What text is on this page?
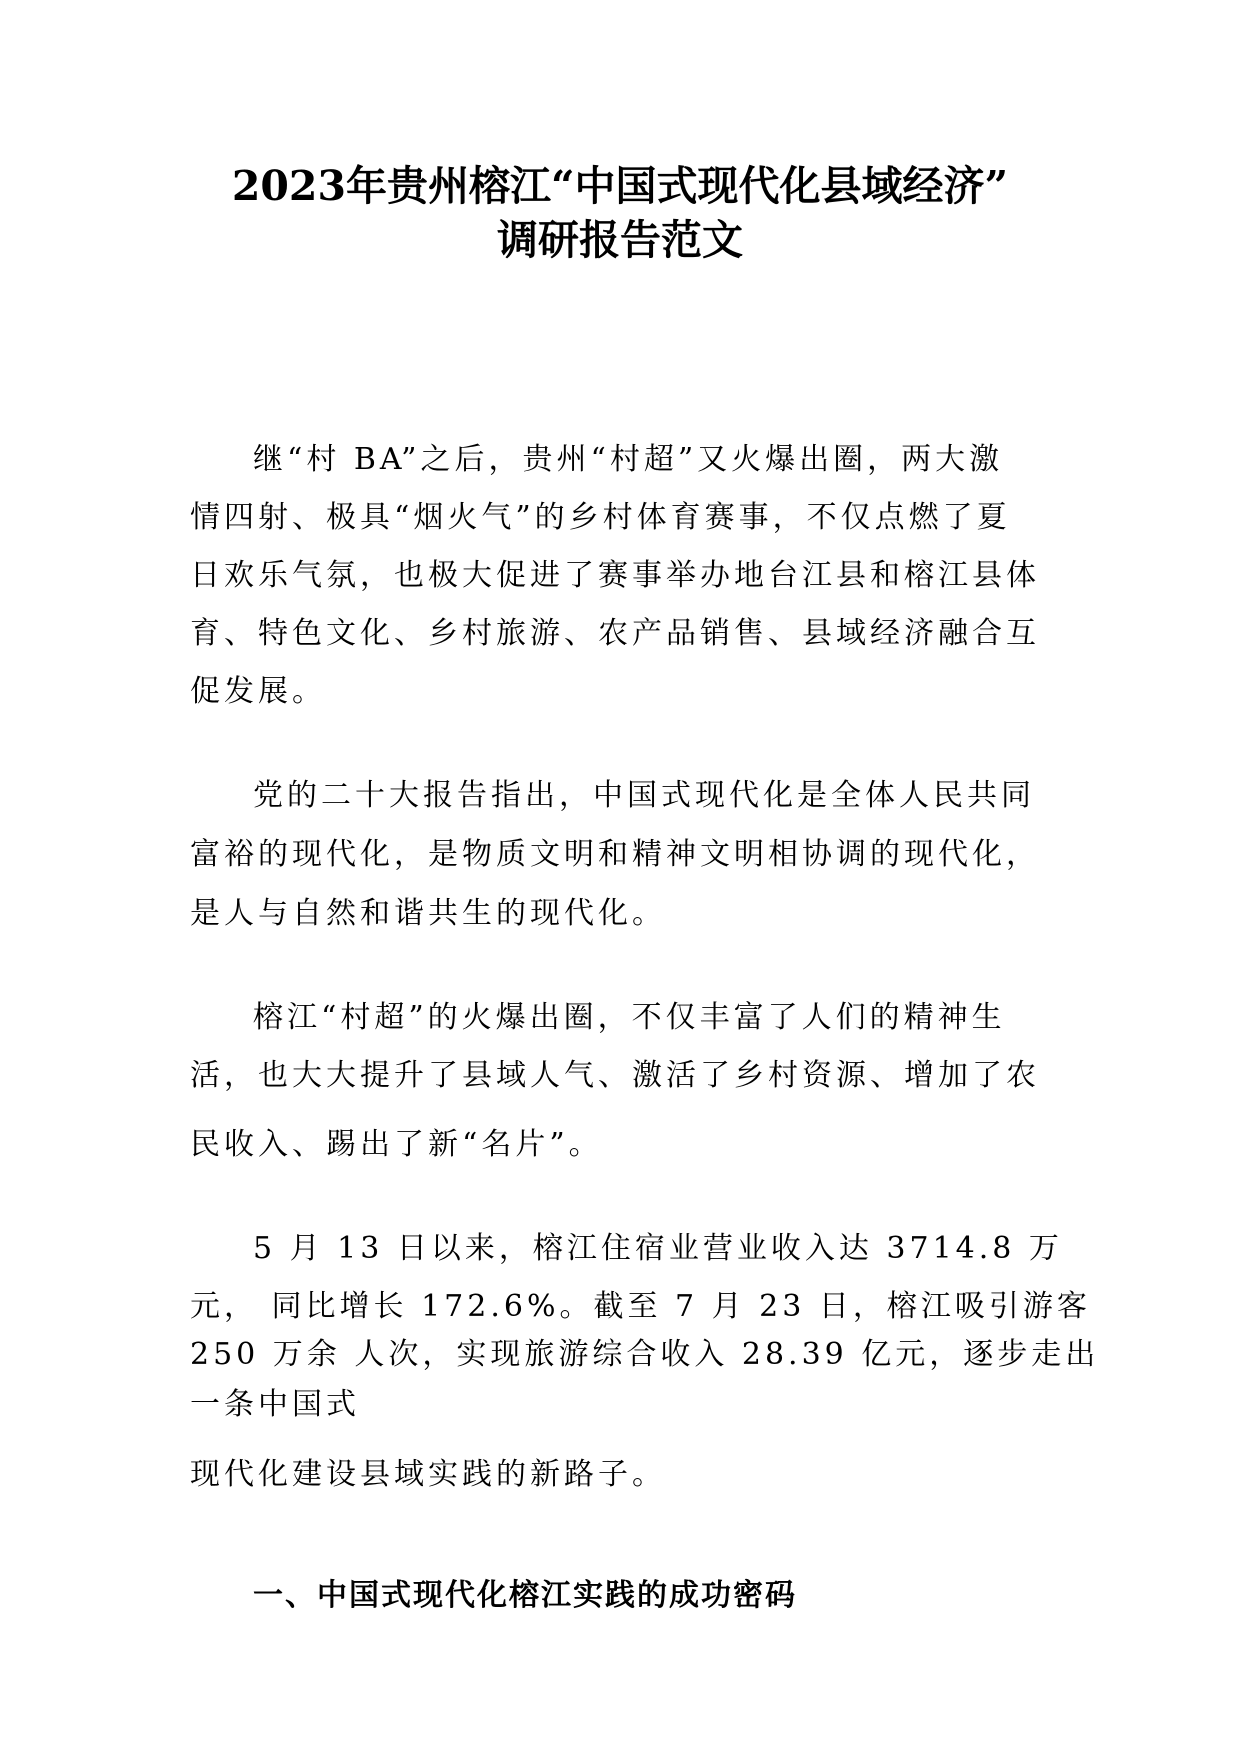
2023年贵州榕江“中国式现代化县域经济”
调研报告范文
继“村 BA”之后，贵州“村超”又火爆出圈，两大激
情四射、极具“烟火气”的乡村体育赛事，不仅点燃了夏
日欢乐气氛，也极大促进了赛事举办地台江县和榕江县体
育、特色文化、乡村旅游、农产品销售、县域经济融合互
促发展。
党的二十大报告指出，中国式现代化是全体人民共同
富裕的现代化，是物质文明和精神文明相协调的现代化，
是人与自然和谐共生的现代化。
榕江“村超”的火爆出圈，不仅丰富了人们的精神生
活，也大大提升了县域人气、激活了乡村资源、增加了农
民收入、踢出了新“名片”。
5 月 13 日以来，榕江住宿业营业收入达 3714.8 万
元， 同比增长 172.6%。截至 7 月 23 日，榕江吸引游客
250 万余 人次，实现旅游综合收入 28.39 亿元，逐步走出
一条中国式
现代化建设县域实践的新路子。
一、中国式现代化榕江实践的成功密码
